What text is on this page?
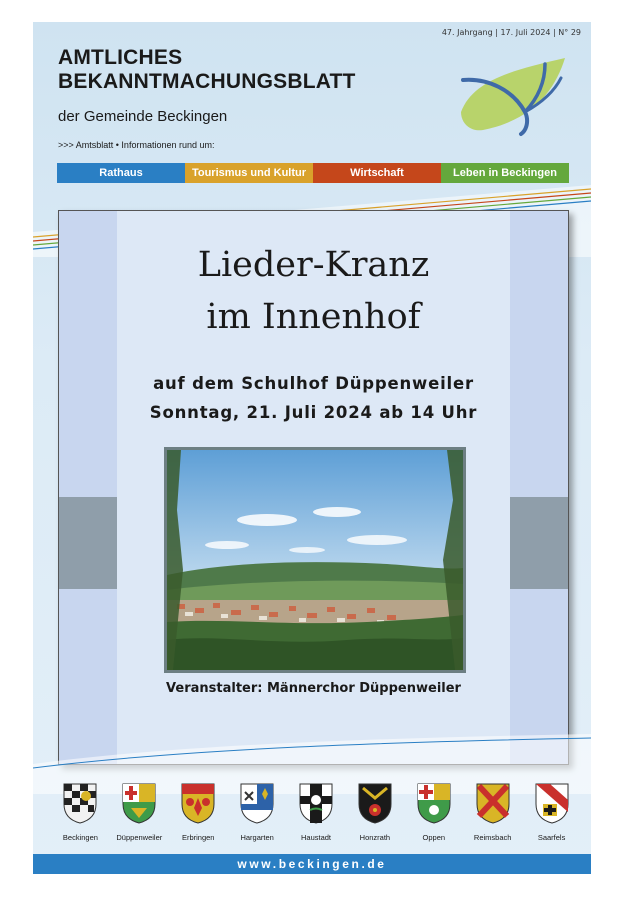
47. Jahrgang | 17. Juli 2024 | N° 29
AMTLICHES
BEKANNTMACHUNGSBLATT
der Gemeinde Beckingen
>>> Amtsblatt • Informationen rund um:
Rathaus	Tourismus und Kultur	Wirtschaft	Leben in Beckingen
Lieder-Kranz
im Innenhof
auf dem Schulhof Düppenweiler
Sonntag, 21. Juli 2024 ab 14 Uhr
Veranstalter: Männerchor Düppenweiler
Beckingen Düppenweiler	Erbringen	Hargarten	Haustadt	Honzrath	Oppen	Reimsbach	Saarfels
www.beckingen.de
